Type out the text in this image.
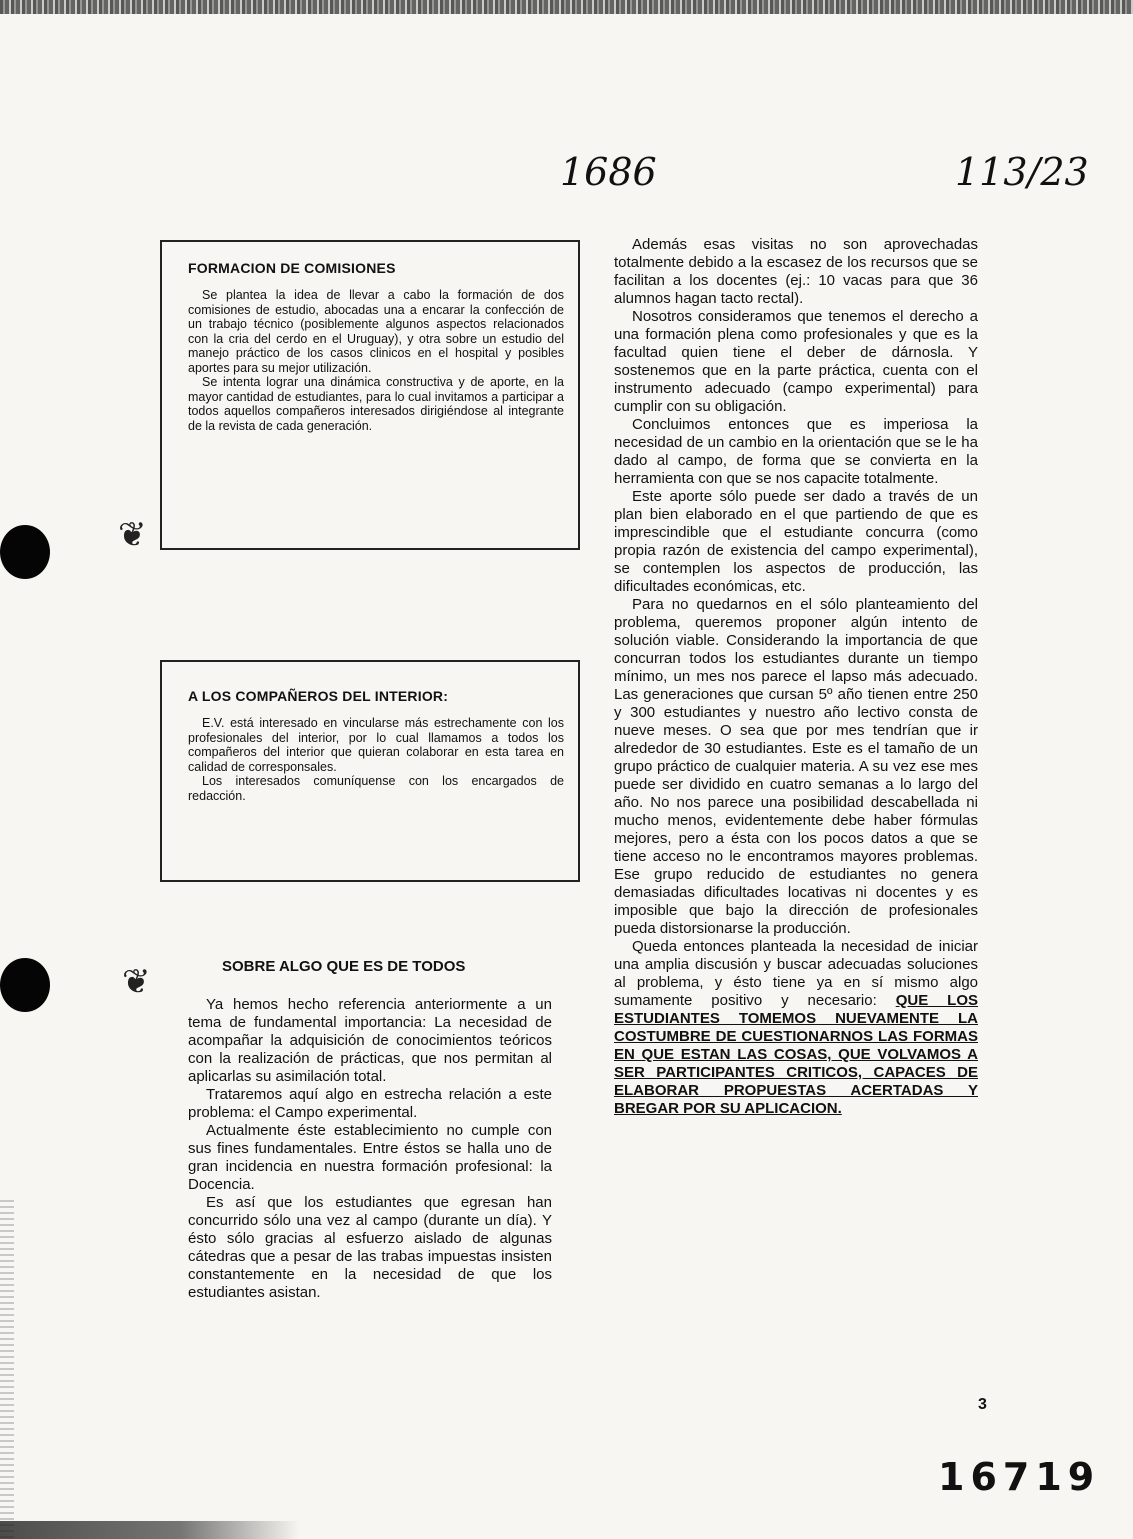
❦
❦
1686	113/23
FORMACION DE COMISIONES

Se plantea la idea de llevar a cabo la formación de dos comisiones de estudio, abocadas una a encarar la confección de un trabajo técnico (posiblemente algunos aspectos relacionados con la cria del cerdo en el Uruguay), y otra sobre un estudio del manejo práctico de los casos clinicos en el hospital y posibles aportes para su mejor utilización.

Se intenta lograr una dinámica constructiva y de aporte, en la mayor cantidad de estudiantes, para lo cual invitamos a participar a todos aquellos compañeros interesados dirigiéndose al integrante de la revista de cada generación.

A LOS COMPAÑEROS DEL INTERIOR:

E.V. está interesado en vincularse más estrechamente con los profesionales del interior, por lo cual llamamos a todos los compañeros del interior que quieran colaborar en esta tarea en calidad de corresponsales.

Los interesados comuníquense con los encargados de redacción.

SOBRE ALGO QUE ES DE TODOS

Ya hemos hecho referencia anteriormente a un tema de fundamental importancia: La necesidad de acompañar la adquisición de conocimientos teóricos con la realización de prácticas, que nos permitan al aplicarlas su asimilación total.

Trataremos aquí algo en estrecha relación a este problema: el Campo experimental.

Actualmente éste establecimiento no cumple con sus fines fundamentales. Entre éstos se halla uno de gran incidencia en nuestra formación profesional: la Docencia.

Es así que los estudiantes que egresan han concurrido sólo una vez al campo (durante un día). Y ésto sólo gracias al esfuerzo aislado de algunas cátedras que a pesar de las trabas impuestas insisten constantemente en la necesidad de que los estudiantes asistan.

Además esas visitas no son aprovechadas totalmente debido a la escasez de los recursos que se facilitan a los docentes (ej.: 10 vacas para que 36 alumnos hagan tacto rectal).

Nosotros consideramos que tenemos el derecho a una formación plena como profesionales y que es la facultad quien tiene el deber de dárnosla. Y sostenemos que en la parte práctica, cuenta con el instrumento adecuado (campo experimental) para cumplir con su obligación.

Concluimos entonces que es imperiosa la necesidad de un cambio en la orientación que se le ha dado al campo, de forma que se convierta en la herramienta con que se nos capacite totalmente.

Este aporte sólo puede ser dado a través de un plan bien elaborado en el que partiendo de que es imprescindible que el estudiante concurra (como propia razón de existencia del campo experimental), se contemplen los aspectos de producción, las dificultades económicas, etc.

Para no quedarnos en el sólo planteamiento del problema, queremos proponer algún intento de solución viable. Considerando la importancia de que concurran todos los estudiantes durante un tiempo mínimo, un mes nos parece el lapso más adecuado. Las generaciones que cursan 5º año tienen entre 250 y 300 estudiantes y nuestro año lectivo consta de nueve meses. O sea que por mes tendrían que ir alrededor de 30 estudiantes. Este es el tamaño de un grupo práctico de cualquier materia. A su vez ese mes puede ser dividido en cuatro semanas a lo largo del año. No nos parece una posibilidad descabellada ni mucho menos, evidentemente debe haber fórmulas mejores, pero a ésta con los pocos datos a que se tiene acceso no le encontramos mayores problemas. Ese grupo reducido de estudiantes no genera demasiadas dificultades locativas ni docentes y es imposible que bajo la dirección de profesionales pueda distorsionarse la producción.

Queda entonces planteada la necesidad de iniciar una amplia discusión y buscar adecuadas soluciones al problema, y ésto tiene ya en sí mismo algo sumamente positivo y necesario: QUE LOS ESTUDIANTES TOMEMOS NUEVAMENTE LA COSTUMBRE DE CUESTIONARNOS LAS FORMAS EN QUE ESTAN LAS COSAS, QUE VOLVAMOS A SER PARTICIPANTES CRITICOS, CAPACES DE ELABORAR PROPUESTAS ACERTADAS Y BREGAR POR SU APLICACION.

3
16719
